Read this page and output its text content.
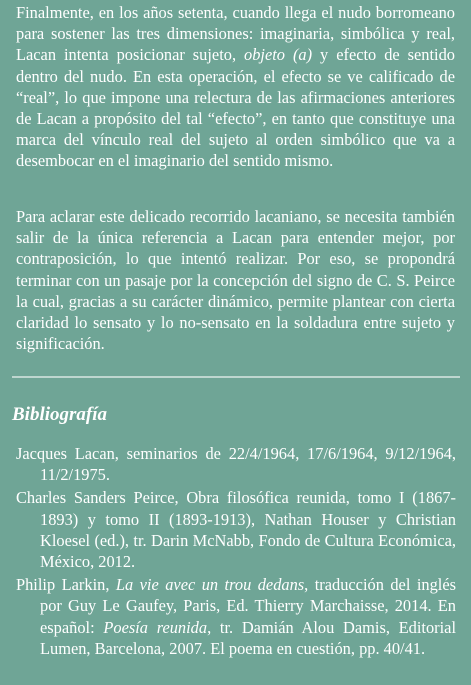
Finalmente, en los años setenta, cuando llega el nudo borromeano para sostener las tres dimensiones: imaginaria, simbólica y real, Lacan intenta posicionar sujeto, objeto (a) y efecto de sentido dentro del nudo. En esta operación, el efecto se ve calificado de “real”, lo que impone una relectura de las afirmaciones anteriores de Lacan a propósito del tal “efecto”, en tanto que constituye una marca del vínculo real del sujeto al orden simbólico que va a desembocar en el imaginario del sentido mismo.

Para aclarar este delicado recorrido lacaniano, se necesita también salir de la única referencia a Lacan para entender mejor, por contraposición, lo que intentó realizar. Por eso, se propondrá terminar con un pasaje por la concepción del signo de C. S. Peirce la cual, gracias a su carácter dinámico, permite plantear con cierta claridad lo sensato y lo no-sensato en la soldadura entre sujeto y significación.

Bibliografía
Jacques Lacan, seminarios de 22/4/1964, 17/6/1964, 9/12/1964, 11/2/1975.
Charles Sanders Peirce, Obra filosófica reunida, tomo I (1867-1893) y tomo II (1893-1913), Nathan Houser y Christian Kloesel (ed.), tr. Darin McNabb, Fondo de Cultura Económica, México, 2012.
Philip Larkin, La vie avec un trou dedans, traducción del inglés por Guy Le Gaufey, Paris, Ed. Thierry Marchaisse, 2014. En español: Poesía reunida, tr. Damián Alou Damis, Editorial Lumen, Barcelona, 2007. El poema en cuestión, pp. 40/41.
